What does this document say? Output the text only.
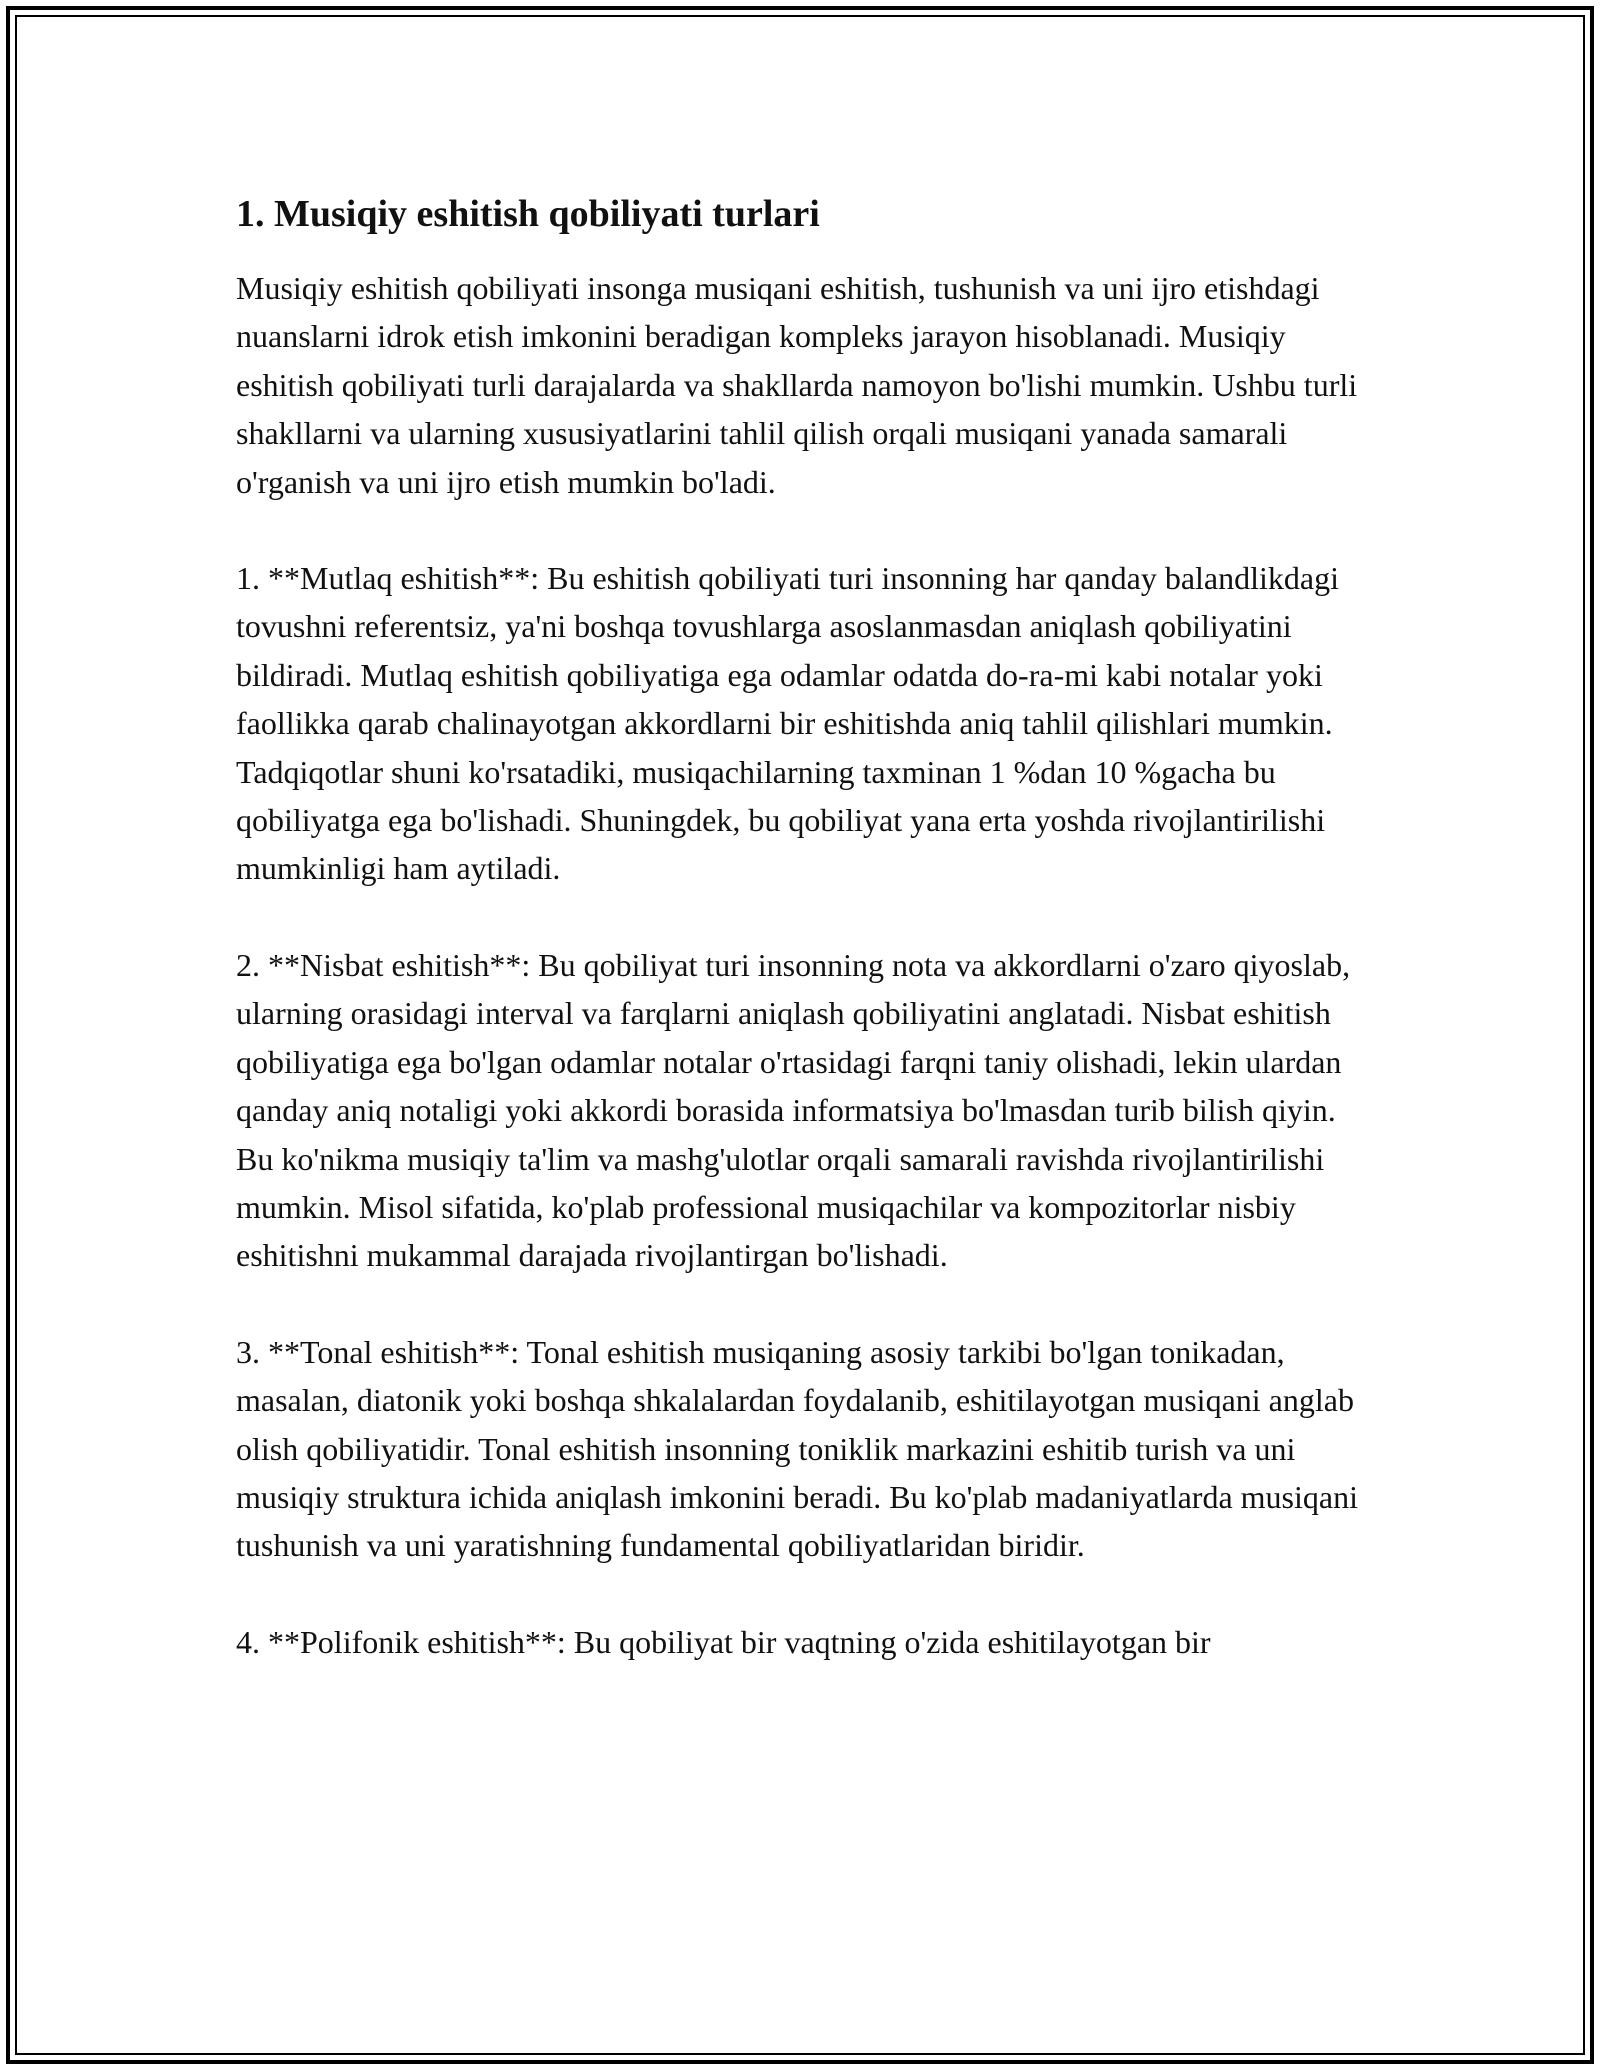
1. Musiqiy eshitish qobiliyati turlari

Musiqiy eshitish qobiliyati insonga musiqani eshitish, tushunish va uni ijro etishdagi nuanslarni idrok etish imkonini beradigan kompleks jarayon hisoblanadi. Musiqiy eshitish qobiliyati turli darajalarda va shakllarda namoyon bo'lishi mumkin. Ushbu turli shakllarni va ularning xususiyatlarini tahlil qilish orqali musiqani yanada samarali o'rganish va uni ijro etish mumkin bo'ladi.

1. **Mutlaq eshitish**: Bu eshitish qobiliyati turi insonning har qanday balandlikdagi tovushni referentsiz, ya'ni boshqa tovushlarga asoslanmasdan aniqlash qobiliyatini bildiradi. Mutlaq eshitish qobiliyatiga ega odamlar odatda do-ra-mi kabi notalar yoki faollikka qarab chalinayotgan akkordlarni bir eshitishda aniq tahlil qilishlari mumkin. Tadqiqotlar shuni ko'rsatadiki, musiqachilarning taxminan 1 %dan 10 %gacha bu qobiliyatga ega bo'lishadi. Shuningdek, bu qobiliyat yana erta yoshda rivojlantirilishi mumkinligi ham aytiladi.

2. **Nisbat eshitish**: Bu qobiliyat turi insonning nota va akkordlarni o'zaro qiyoslab, ularning orasidagi interval va farqlarni aniqlash qobiliyatini anglatadi. Nisbat eshitish qobiliyatiga ega bo'lgan odamlar notalar o'rtasidagi farqni taniy olishadi, lekin ulardan qanday aniq notaligi yoki akkordi borasida informatsiya bo'lmasdan turib bilish qiyin. Bu ko'nikma musiqiy ta'lim va mashg'ulotlar orqali samarali ravishda rivojlantirilishi mumkin. Misol sifatida, ko'plab professional musiqachilar va kompozitorlar nisbiy eshitishni mukammal darajada rivojlantirgan bo'lishadi.

3. **Tonal eshitish**: Tonal eshitish musiqaning asosiy tarkibi bo'lgan tonikadan, masalan, diatonik yoki boshqa shkalalardan foydalanib, eshitilayotgan musiqani anglab olish qobiliyatidir. Tonal eshitish insonning toniklik markazini eshitib turish va uni musiqiy struktura ichida aniqlash imkonini beradi. Bu ko'plab madaniyatlarda musiqani tushunish va uni yaratishning fundamental qobiliyatlaridan biridir.

4. **Polifonik eshitish**: Bu qobiliyat bir vaqtning o'zida eshitilayotgan bir
